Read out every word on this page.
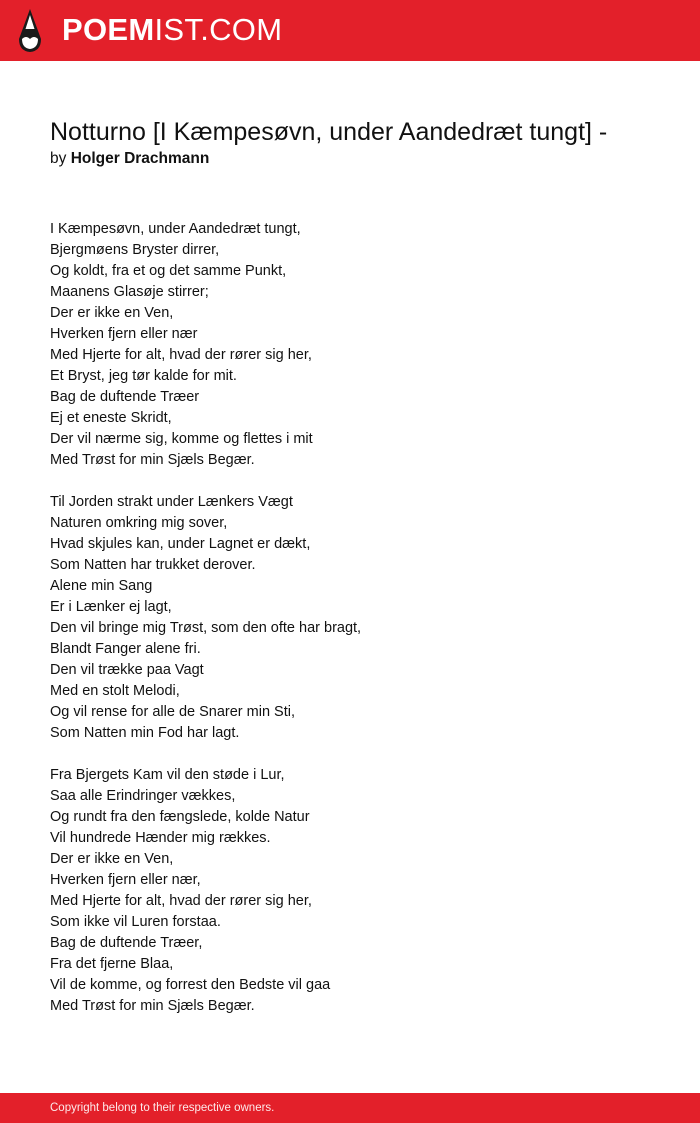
POEMIST.COM
Notturno [I Kæmpesøvn, under Aandedræt tungt] -
by Holger Drachmann
I Kæmpesøvn, under Aandedræt tungt,
Bjergmøens Bryster dirrer,
Og koldt, fra et og det samme Punkt,
Maanens Glasøje stirrer;
Der er ikke en Ven,
Hverken fjern eller nær
Med Hjerte for alt, hvad der rører sig her,
Et Bryst, jeg tør kalde for mit.
Bag de duftende Træer
Ej et eneste Skridt,
Der vil nærme sig, komme og flettes i mit
Med Trøst for min Sjæls Begær.
Til Jorden strakt under Lænkers Vægt
Naturen omkring mig sover,
Hvad skjules kan, under Lagnet er dækt,
Som Natten har trukket derover.
Alene min Sang
Er i Lænker ej lagt,
Den vil bringe mig Trøst, som den ofte har bragt,
Blandt Fanger alene fri.
Den vil trække paa Vagt
Med en stolt Melodi,
Og vil rense for alle de Snarer min Sti,
Som Natten min Fod har lagt.
Fra Bjergets Kam vil den støde i Lur,
Saa alle Erindringer vækkes,
Og rundt fra den fængslede, kolde Natur
Vil hundrede Hænder mig rækkes.
Der er ikke en Ven,
Hverken fjern eller nær,
Med Hjerte for alt, hvad der rører sig her,
Som ikke vil Luren forstaa.
Bag de duftende Træer,
Fra det fjerne Blaa,
Vil de komme, og forrest den Bedste vil gaa
Med Trøst for min Sjæls Begær.
Copyright belong to their respective owners.
